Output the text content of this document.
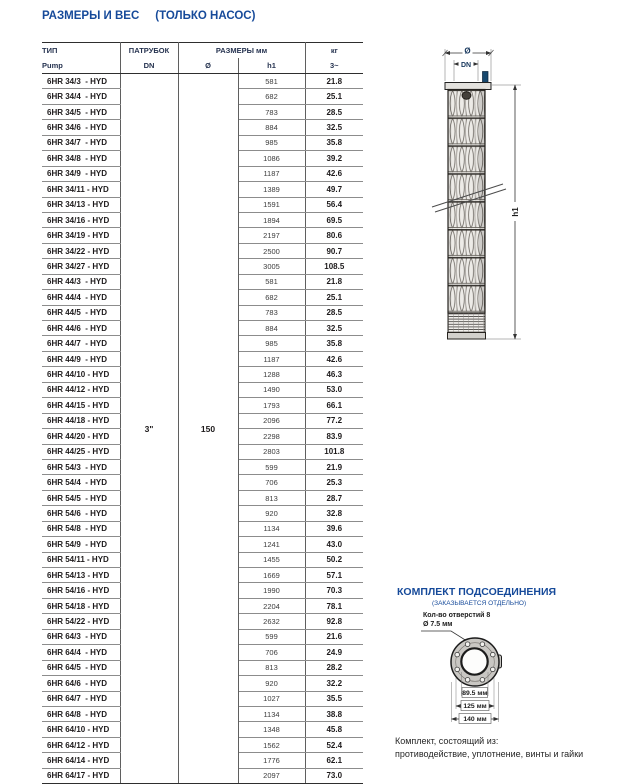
РАЗМЕРЫ И ВЕС (ТОЛЬКО НАСОС)
ТИП	ПАТРУБОК	РАЗМЕРЫ мм		кг
Pump	DN	Ø	h1	3~
6HR 34/3  - HYD	3"	150	581	21.8
6HR 34/4  - HYD			682	25.1
6HR 34/5  - HYD			783	28.5
6HR 34/6  - HYD			884	32.5
6HR 34/7  - HYD			985	35.8
6HR 34/8  - HYD			1086	39.2
6HR 34/9  - HYD			1187	42.6
6HR 34/11 - HYD			1389	49.7
6HR 34/13 - HYD			1591	56.4
6HR 34/16 - HYD			1894	69.5
6HR 34/19 - HYD			2197	80.6
6HR 34/22 - HYD			2500	90.7
6HR 34/27 - HYD			3005	108.5
6HR 44/3  - HYD			581	21.8
6HR 44/4  - HYD			682	25.1
6HR 44/5  - HYD			783	28.5
6HR 44/6  - HYD			884	32.5
6HR 44/7  - HYD			985	35.8
6HR 44/9  - HYD			1187	42.6
6HR 44/10 - HYD			1288	46.3
6HR 44/12 - HYD			1490	53.0
6HR 44/15 - HYD			1793	66.1
6HR 44/18 - HYD			2096	77.2
6HR 44/20 - HYD			2298	83.9
6HR 44/25 - HYD			2803	101.8
6HR 54/3  - HYD			599	21.9
6HR 54/4  - HYD			706	25.3
6HR 54/5  - HYD			813	28.7
6HR 54/6  - HYD			920	32.8
6HR 54/8  - HYD			1134	39.6
6HR 54/9  - HYD			1241	43.0
6HR 54/11 - HYD			1455	50.2
6HR 54/13 - HYD			1669	57.1
6HR 54/16 - HYD			1990	70.3
6HR 54/18 - HYD			2204	78.1
6HR 54/22 - HYD			2632	92.8
6HR 64/3  - HYD			599	21.6
6HR 64/4  - HYD			706	24.9
6HR 64/5  - HYD			813	28.2
6HR 64/6  - HYD			920	32.2
6HR 64/7  - HYD			1027	35.5
6HR 64/8  - HYD			1134	38.8
6HR 64/10 - HYD			1348	45.8
6HR 64/12 - HYD			1562	52.4
6HR 64/14 - HYD			1776	62.1
6HR 64/17 - HYD			2097	73.0
Ø
DN
h1
КОМПЛЕКТ ПОДСОЕДИНЕНИЯ
(ЗАКАЗЫВАЕТСЯ ОТДЕЛЬНО)
Кол-во отверстий 8
Ø 7.5 мм
89.5 мм
125 мм
140 мм
Комплект, состоящий из:
противодействие, уплотнение, винты и гайки
